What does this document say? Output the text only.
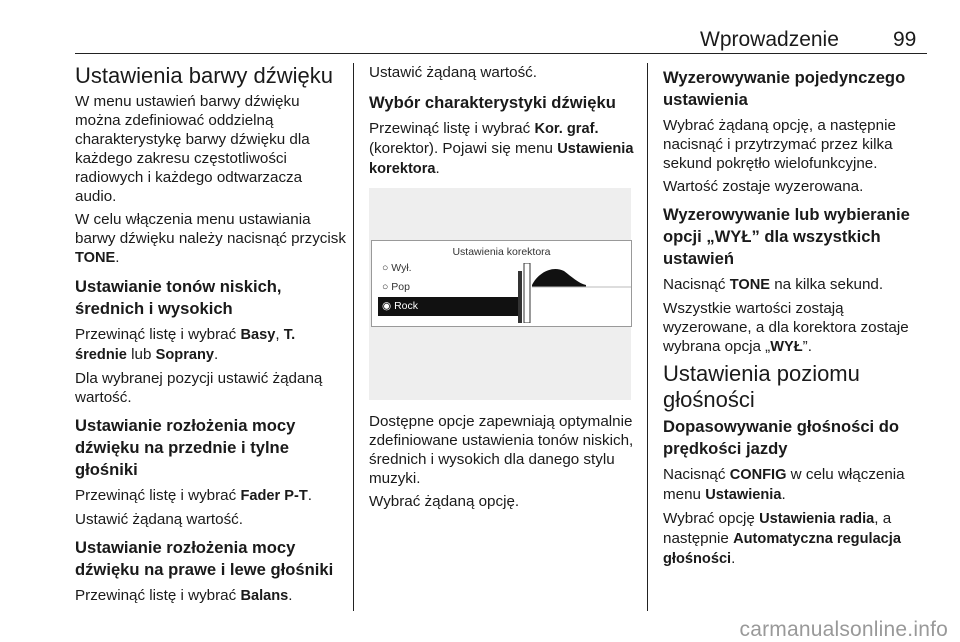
Wprowadzenie	99
Ustawienia barwy dźwięku

W menu ustawień barwy dźwięku można zdefiniować oddzielną charakterystykę barwy dźwięku dla każdego zakresu częstotliwości radiowych i każdego odtwarzacza audio.

W celu włączenia menu ustawiania barwy dźwięku należy nacisnąć przycisk TONE.

Ustawianie tonów niskich, średnich i wysokich

Przewinąć listę i wybrać Basy, T. średnie lub Soprany.

Dla wybranej pozycji ustawić żądaną wartość.

Ustawianie rozłożenia mocy dźwięku na przednie i tylne głośniki

Przewinąć listę i wybrać Fader P-T.

Ustawić żądaną wartość.

Ustawianie rozłożenia mocy dźwięku na prawe i lewe głośniki

Przewinąć listę i wybrać Balans.

Ustawić żądaną wartość.

Wybór charakterystyki dźwięku

Przewinąć listę i wybrać Kor. graf. (korektor). Pojawi się menu Ustawienia korektora.

Ustawienia korektora
○ Wył.
○ Pop
◉ Rock

Dostępne opcje zapewniają optymalnie zdefiniowane ustawienia tonów niskich, średnich i wysokich dla danego stylu muzyki.

Wybrać żądaną opcję.

Wyzerowywanie pojedynczego ustawienia

Wybrać żądaną opcję, a następnie nacisnąć i przytrzymać przez kilka sekund pokrętło wielofunkcyjne.

Wartość zostaje wyzerowana.

Wyzerowywanie lub wybieranie opcji „WYŁ” dla wszystkich ustawień

Nacisnąć TONE na kilka sekund.

Wszystkie wartości zostają wyzerowane, a dla korektora zostaje wybrana opcja „WYŁ”.

Ustawienia poziomu głośności
Dopasowywanie głośności do prędkości jazdy

Nacisnąć CONFIG w celu włączenia menu Ustawienia.

Wybrać opcję Ustawienia radia, a następnie Automatyczna regulacja głośności.

carmanualsonline.info
